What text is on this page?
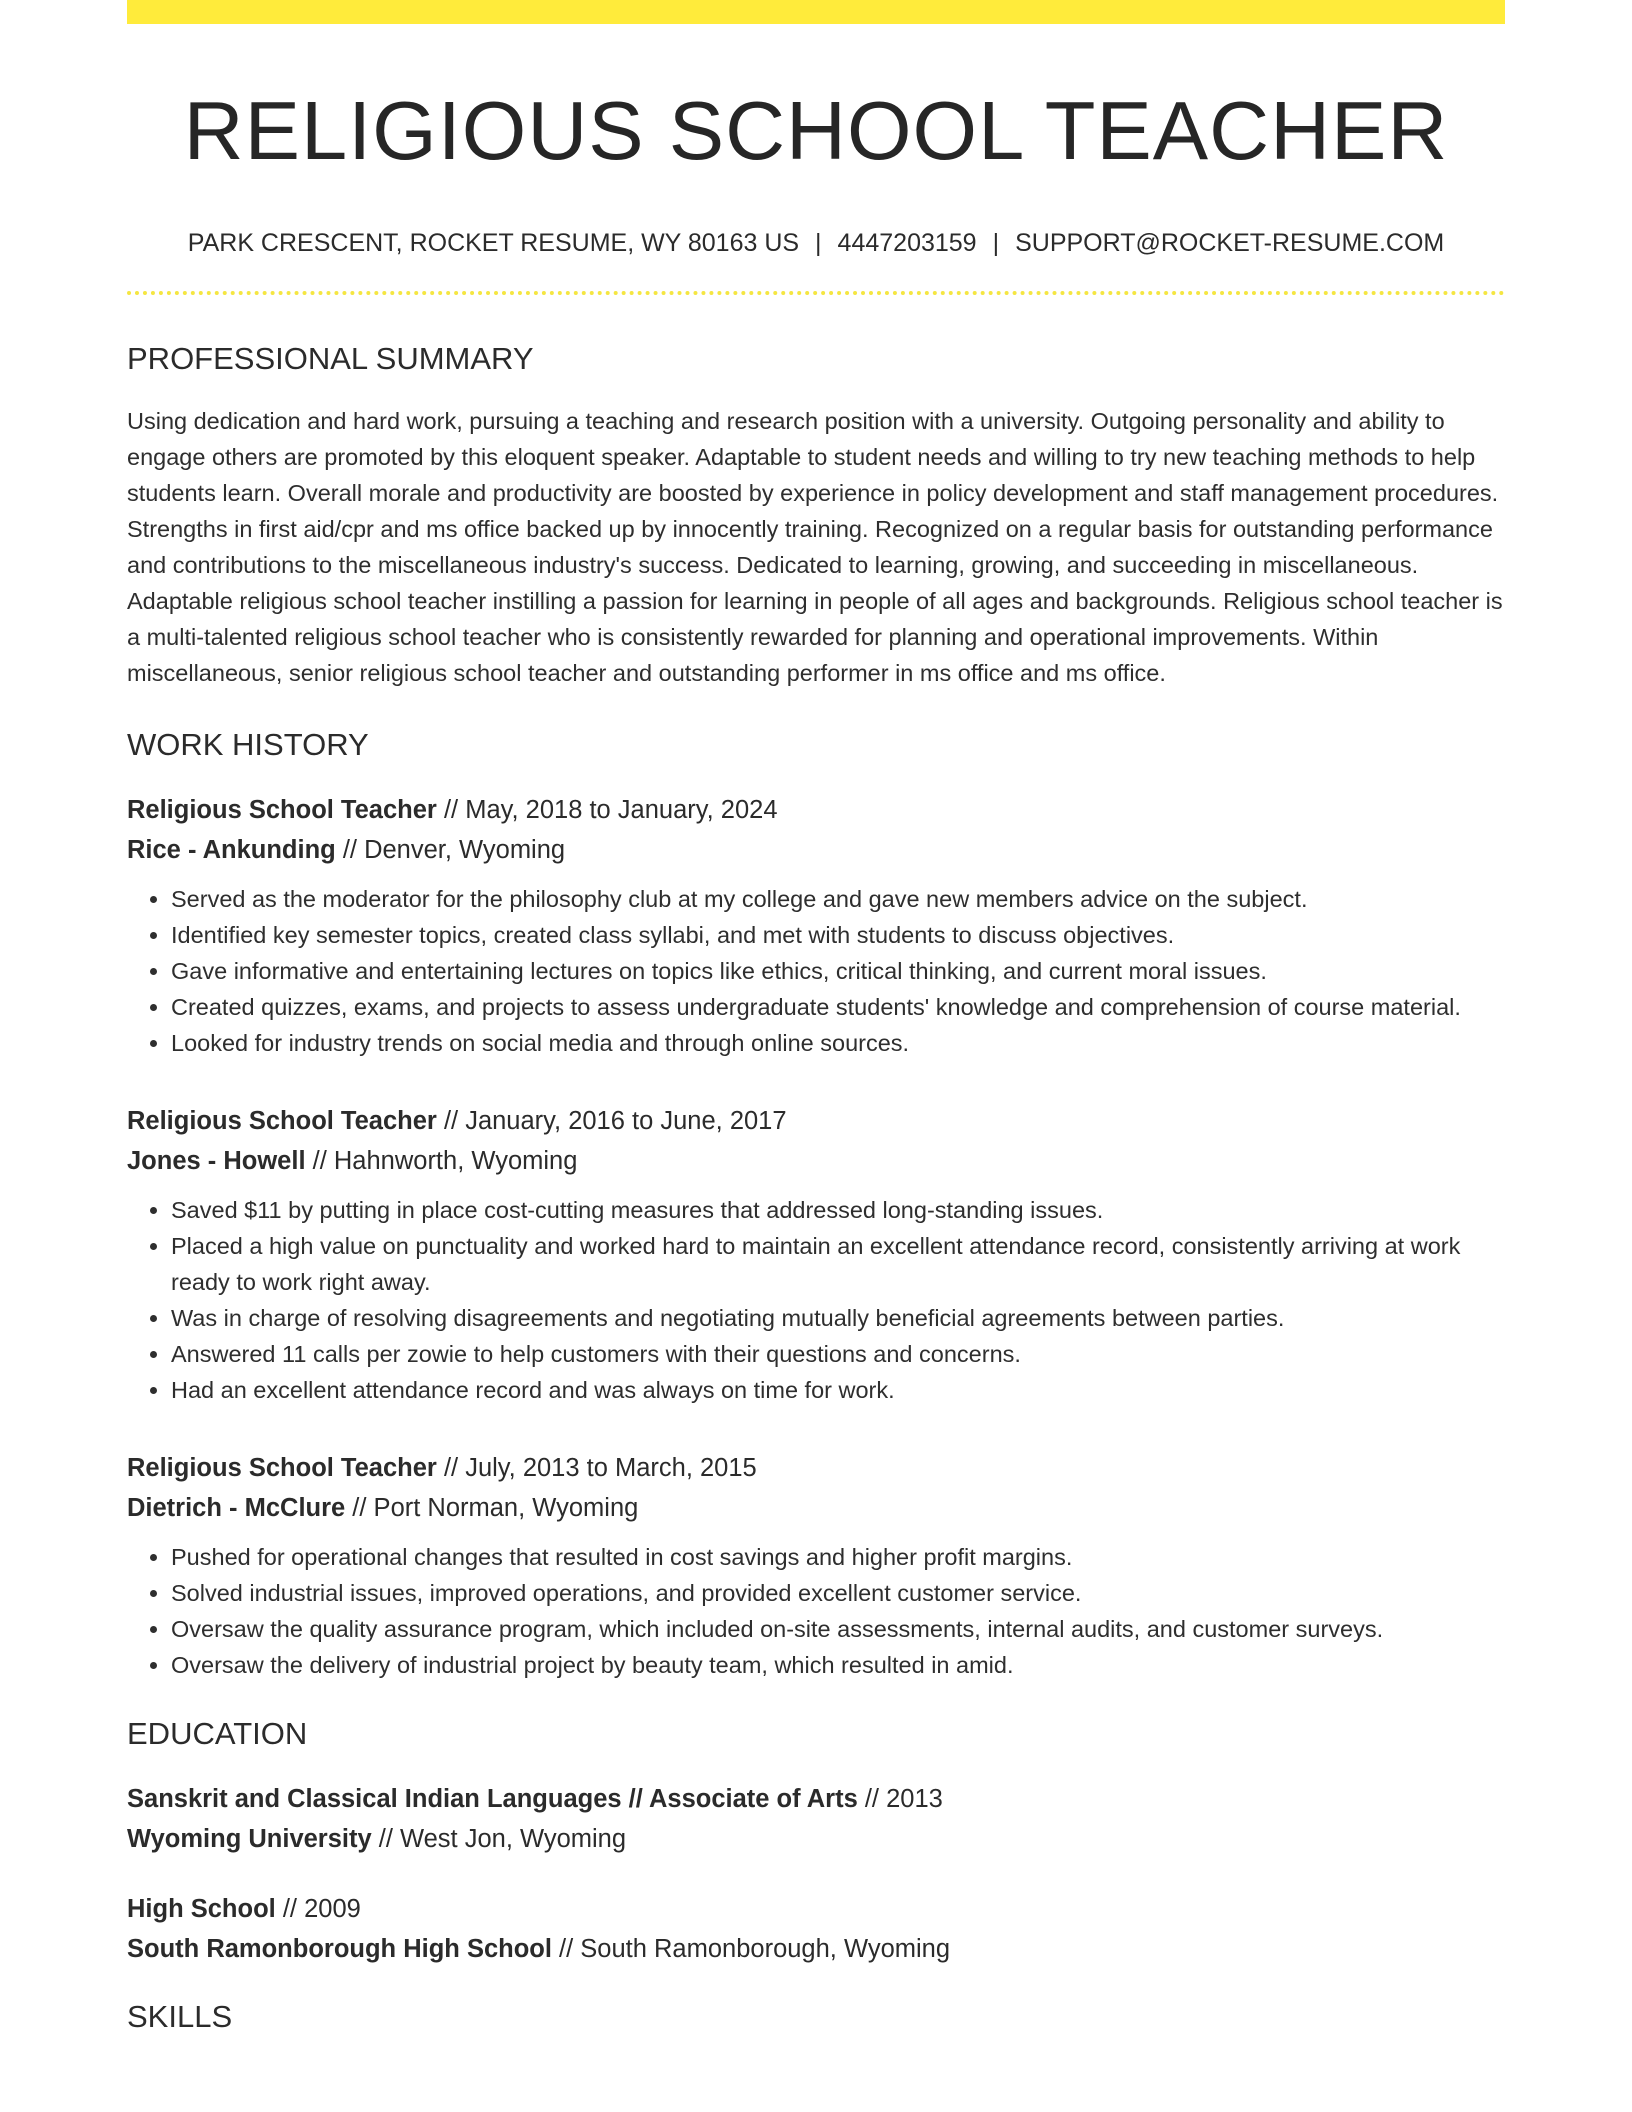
RELIGIOUS SCHOOL TEACHER
PARK CRESCENT, ROCKET RESUME, WY 80163 US | 4447203159 | SUPPORT@ROCKET-RESUME.COM
PROFESSIONAL SUMMARY

Using dedication and hard work, pursuing a teaching and research position with a university. Outgoing personality and ability to engage others are promoted by this eloquent speaker. Adaptable to student needs and willing to try new teaching methods to help students learn. Overall morale and productivity are boosted by experience in policy development and staff management procedures. Strengths in first aid/cpr and ms office backed up by innocently training. Recognized on a regular basis for outstanding performance and contributions to the miscellaneous industry's success. Dedicated to learning, growing, and succeeding in miscellaneous. Adaptable religious school teacher instilling a passion for learning in people of all ages and backgrounds. Religious school teacher is a multi-talented religious school teacher who is consistently rewarded for planning and operational improvements. Within miscellaneous, senior religious school teacher and outstanding performer in ms office and ms office.

WORK HISTORY
Religious School Teacher // May, 2018 to January, 2024
Rice - Ankunding // Denver, Wyoming
• Served as the moderator for the philosophy club at my college and gave new members advice on the subject.
• Identified key semester topics, created class syllabi, and met with students to discuss objectives.
• Gave informative and entertaining lectures on topics like ethics, critical thinking, and current moral issues.
• Created quizzes, exams, and projects to assess undergraduate students' knowledge and comprehension of course material.
• Looked for industry trends on social media and through online sources.
Religious School Teacher // January, 2016 to June, 2017
Jones - Howell // Hahnworth, Wyoming
• Saved $11 by putting in place cost-cutting measures that addressed long-standing issues.
• Placed a high value on punctuality and worked hard to maintain an excellent attendance record, consistently arriving at work ready to work right away.
• Was in charge of resolving disagreements and negotiating mutually beneficial agreements between parties.
• Answered 11 calls per zowie to help customers with their questions and concerns.
• Had an excellent attendance record and was always on time for work.
Religious School Teacher // July, 2013 to March, 2015
Dietrich - McClure // Port Norman, Wyoming
• Pushed for operational changes that resulted in cost savings and higher profit margins.
• Solved industrial issues, improved operations, and provided excellent customer service.
• Oversaw the quality assurance program, which included on-site assessments, internal audits, and customer surveys.
• Oversaw the delivery of industrial project by beauty team, which resulted in amid.
EDUCATION
Sanskrit and Classical Indian Languages // Associate of Arts // 2013
Wyoming University // West Jon, Wyoming
High School // 2009
South Ramonborough High School // South Ramonborough, Wyoming
SKILLS
